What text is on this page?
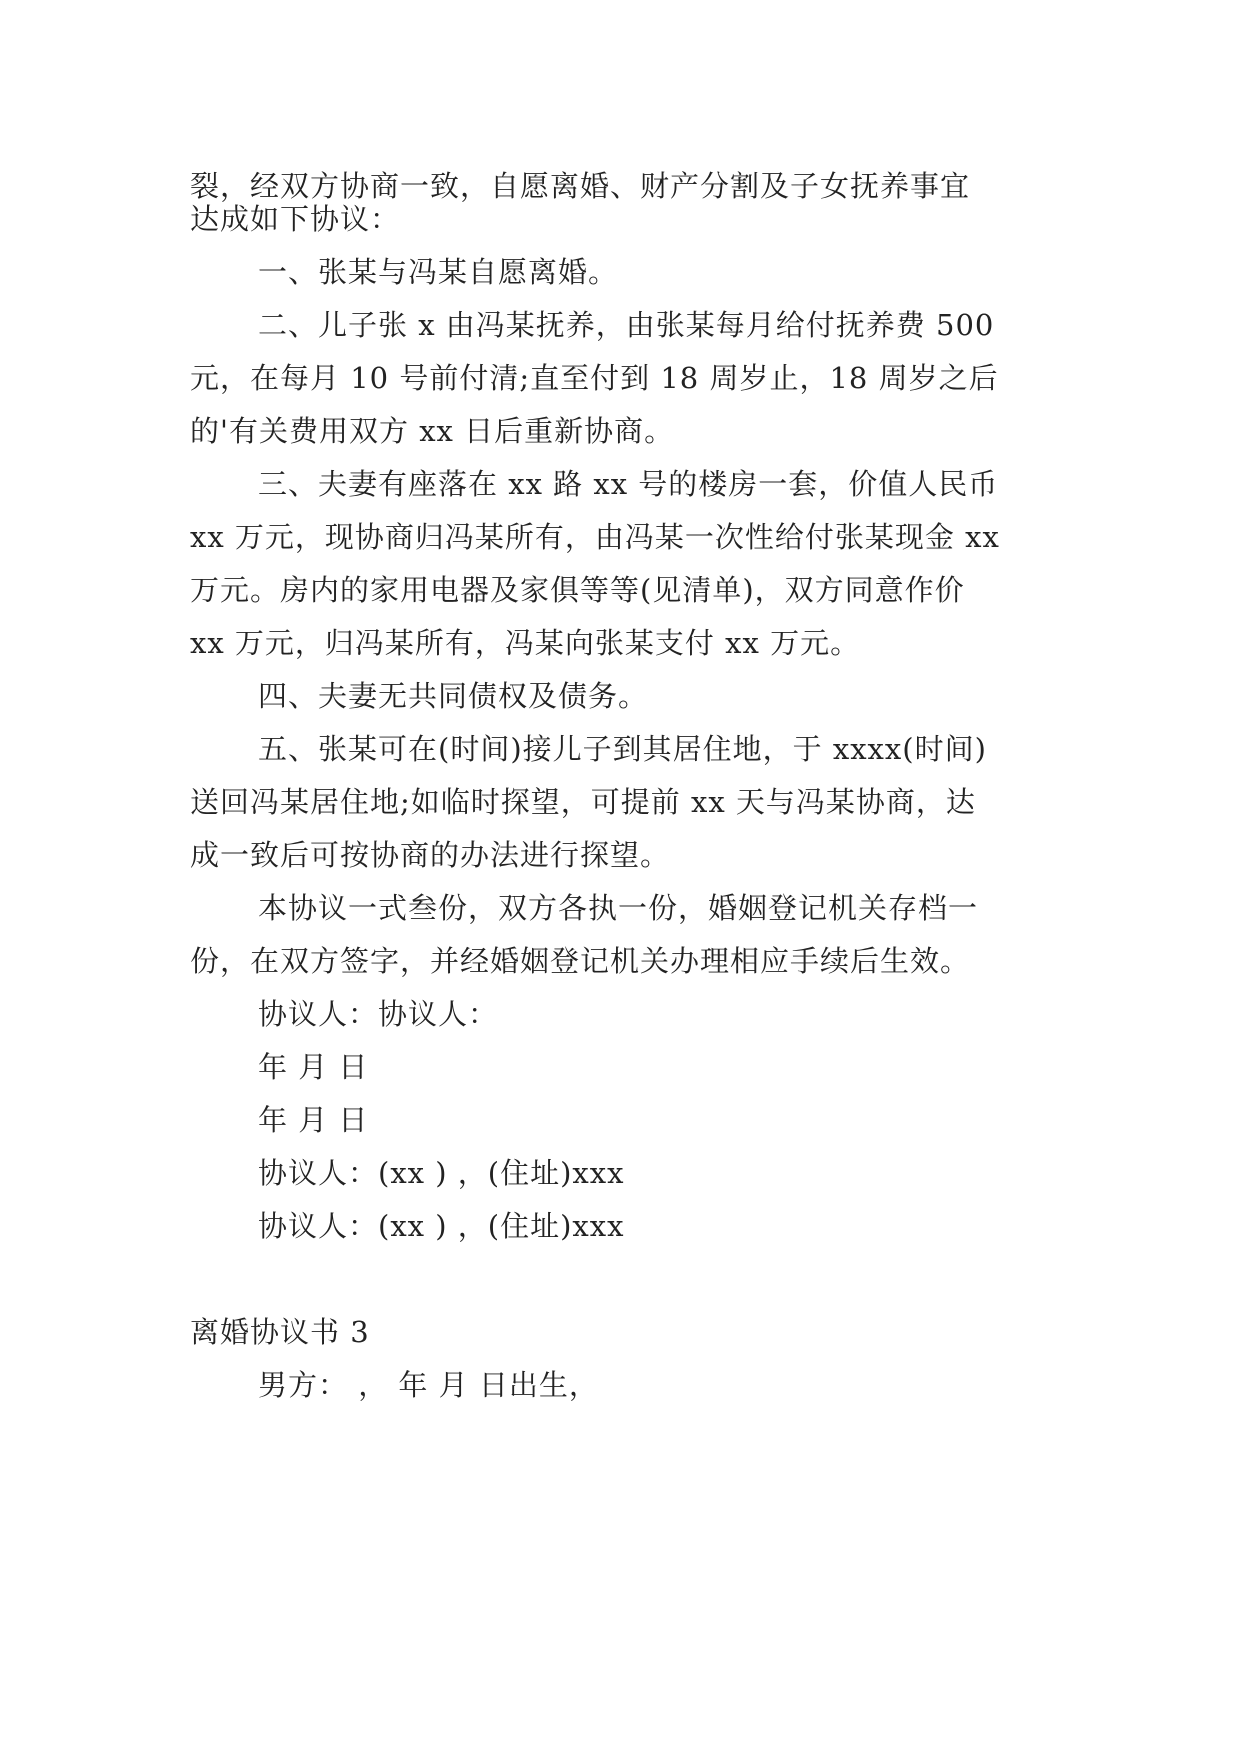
裂，经双方协商一致，自愿离婚、财产分割及子女抚养事宜

达成如下协议：

一、张某与冯某自愿离婚。

二、儿子张 x 由冯某抚养，由张某每月给付抚养费 500

元，在每月 10 号前付清;直至付到 18 周岁止，18 周岁之后

的'有关费用双方 xx 日后重新协商。

三、夫妻有座落在 xx 路 xx 号的楼房一套，价值人民币

xx 万元，现协商归冯某所有，由冯某一次性给付张某现金 xx

万元。房内的家用电器及家俱等等(见清单)，双方同意作价

xx 万元，归冯某所有，冯某向张某支付 xx 万元。

四、夫妻无共同债权及债务。

五、张某可在(时间)接儿子到其居住地，于 xxxx(时间)

送回冯某居住地;如临时探望，可提前 xx 天与冯某协商，达

成一致后可按协商的办法进行探望。

本协议一式叁份，双方各执一份，婚姻登记机关存档一

份，在双方签字，并经婚姻登记机关办理相应手续后生效。

协议人：协议人：

年 月 日

年 月 日

协议人：(xx ) ，(住址)xxx

协议人：(xx ) ，(住址)xxx

离婚协议书 3

男方： ， 年 月 日出生，
